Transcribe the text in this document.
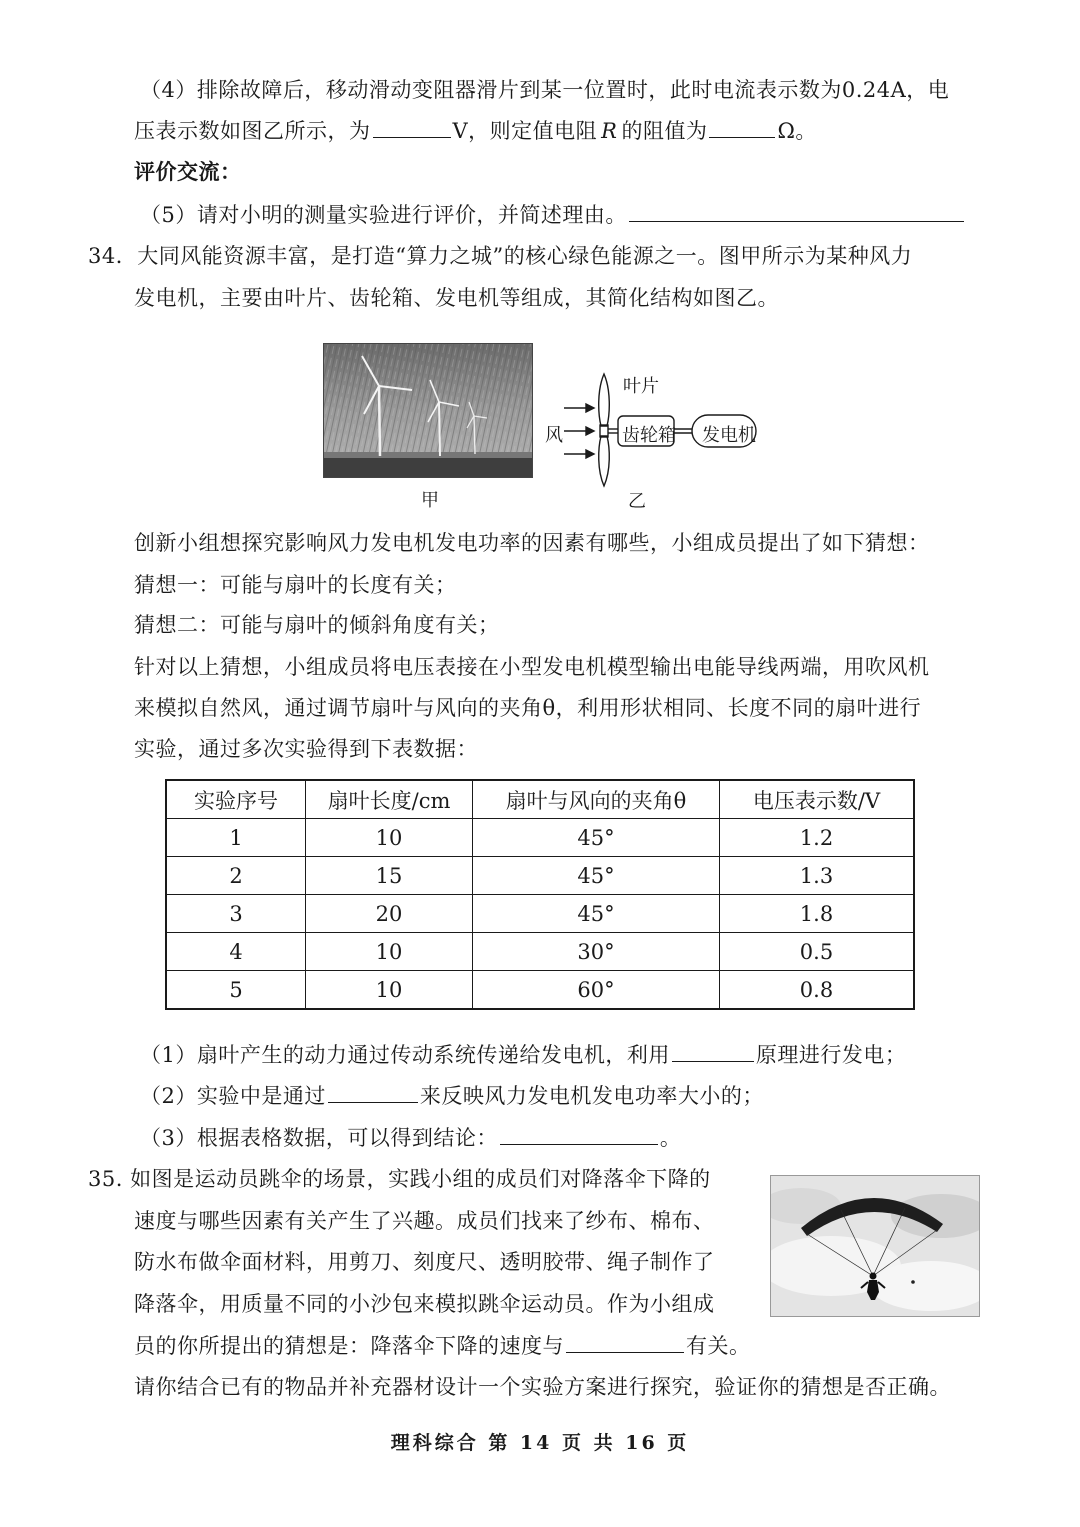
（4）排除故障后，移动滑动变阻器滑片到某一位置时，此时电流表示数为0.24A，电
压表示数如图乙所示，为	V，则定值电阻 R 的阻值为	Ω。
评价交流：
（5）请对小明的测量实验进行评价，并简述理由。
34．大同风能资源丰富，是打造“算力之城”的核心绿色能源之一。图甲所示为某种风力
发电机，主要由叶片、齿轮箱、发电机等组成，其简化结构如图乙。
甲
叶片
风	齿轮箱 发电机
乙
创新小组想探究影响风力发电机发电功率的因素有哪些，小组成员提出了如下猜想：
猜想一：可能与扇叶的长度有关；
猜想二：可能与扇叶的倾斜角度有关；
针对以上猜想，小组成员将电压表接在小型发电机模型输出电能导线两端，用吹风机
来模拟自然风，通过调节扇叶与风向的夹角θ，利用形状相同、长度不同的扇叶进行
实验，通过多次实验得到下表数据：
实验序号	扇叶长度/cm	扇叶与风向的夹角θ	电压表示数/V
1	10	45°	1.2
2	15	45°	1.3
3	20	45°	1.8
4	10	30°	0.5
5	10	60°	0.8
（1）扇叶产生的动力通过传动系统传递给发电机，利用	原理进行发电；
（2）实验中是通过	来反映风力发电机发电功率大小的；
（3）根据表格数据，可以得到结论：	。
35. 如图是运动员跳伞的场景，实践小组的成员们对降落伞下降的
速度与哪些因素有关产生了兴趣。成员们找来了纱布、棉布、
防水布做伞面材料，用剪刀、刻度尺、透明胶带、绳子制作了
降落伞，用质量不同的小沙包来模拟跳伞运动员。作为小组成
员的你所提出的猜想是：降落伞下降的速度与	有关。
请你结合已有的物品并补充器材设计一个实验方案进行探究，验证你的猜想是否正确。
理科综合 第 14 页 共 16 页
